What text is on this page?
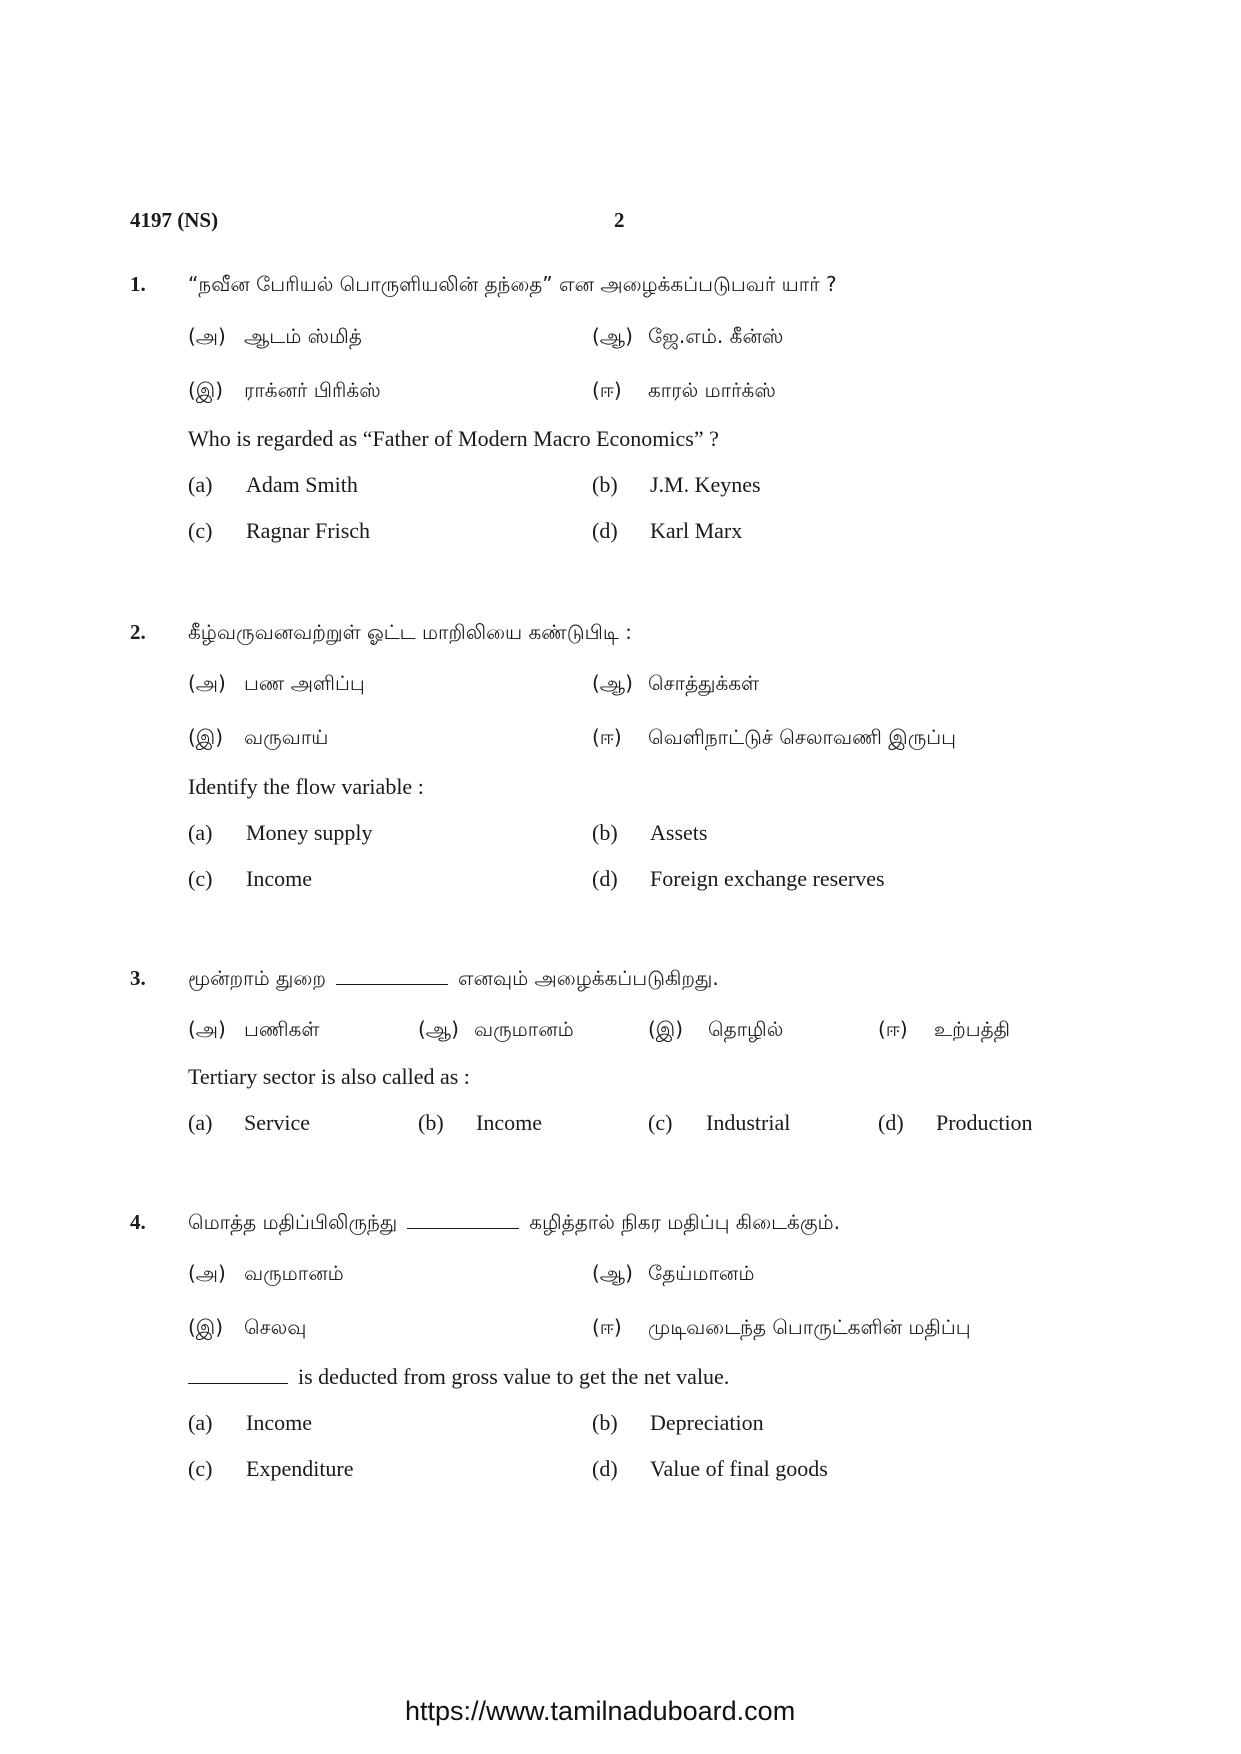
4197 (NS)	2
1. “நவீன பேரியல் பொருளியலின் தந்தை” என அழைக்கப்படுபவர் யார் ?
(அ) ஆடம் ஸ்மித்	(ஆ) ஜே.எம். கீன்ஸ்
(இ)	ராக்னர் பிரிக்ஸ்	(ஈ)	காரல் மார்க்ஸ்
Who is regarded as “Father of Modern Macro Economics” ?
(a)	Adam Smith	(b)	J.M. Keynes
(c)	Ragnar Frisch	(d)	Karl Marx
2. கீழ்வருவனவற்றுள் ஓட்ட மாறிலியை கண்டுபிடி :
(அ) பண அளிப்பு	(ஆ) சொத்துக்கள்
(இ)	வருவாய்	(ஈ)	வெளிநாட்டுச் செலாவணி இருப்பு
Identify the flow variable :
(a)	Money supply	(b)	Assets
(c)	Income	(d)	Foreign exchange reserves
3. மூன்றாம் துறை	எனவும் அழைக்கப்படுகிறது.
(அ) பணிகள்	(ஆ) வருமானம்	(இ)	தொழில்	(ஈ)	உற்பத்தி
Tertiary sector is also called as :
(a)	Service	(b)	Income	(c)	Industrial	(d)	Production
4. மொத்த மதிப்பிலிருந்து	கழித்தால் நிகர மதிப்பு கிடைக்கும்.
(அ) வருமானம்	(ஆ) தேய்மானம்
(இ)	செலவு	(ஈ)	முடிவடைந்த பொருட்களின் மதிப்பு
is deducted from gross value to get the net value.
(a)	Income	(b)	Depreciation
(c)	Expenditure	(d)	Value of final goods
https://www.tamilnaduboard.com
